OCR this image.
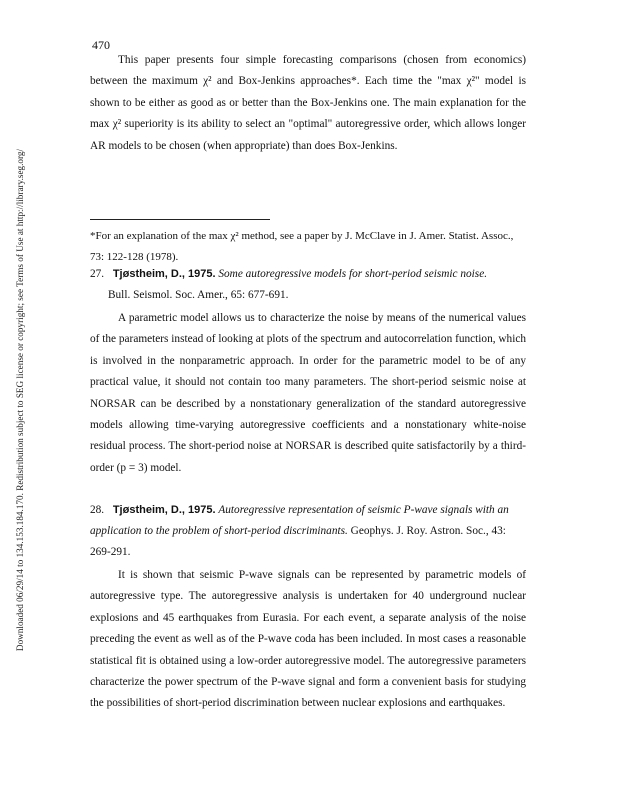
Downloaded 06/29/14 to 134.153.184.170. Redistribution subject to SEG license or copyright; see Terms of Use at http://library.seg.org/
470

This paper presents four simple forecasting comparisons (chosen from economics) between the maximum χ² and Box-Jenkins approaches*. Each time the "max χ²" model is shown to be either as good as or better than the Box-Jenkins one. The main explanation for the max χ² superiority is its ability to select an "optimal" autoregressive order, which allows longer AR models to be chosen (when appropriate) than does Box-Jenkins.

*For an explanation of the max χ² method, see a paper by J. McClave in J. Amer. Statist. Assoc., 73: 122-128 (1978).

27. Tjøstheim, D., 1975. Some autoregressive models for short-period seismic noise.
Bull. Seismol. Soc. Amer., 65: 677-691.

A parametric model allows us to characterize the noise by means of the numerical values of the parameters instead of looking at plots of the spectrum and autocorrelation function, which is involved in the nonparametric approach. In order for the parametric model to be of any practical value, it should not contain too many parameters. The short-period seismic noise at NORSAR can be described by a nonstationary generalization of the standard autoregressive models allowing time-varying autoregressive coefficients and a nonstationary white-noise residual process. The short-period noise at NORSAR is described quite satisfactorily by a third-order (p = 3) model.

28. Tjøstheim, D., 1975. Autoregressive representation of seismic P-wave signals with an application to the problem of short-period discriminants. Geophys. J. Roy. Astron. Soc., 43: 269-291.

It is shown that seismic P-wave signals can be represented by parametric models of autoregressive type. The autoregressive analysis is undertaken for 40 underground nuclear explosions and 45 earthquakes from Eurasia. For each event, a separate analysis of the noise preceding the event as well as of the P-wave coda has been included. In most cases a reasonable statistical fit is obtained using a low-order autoregressive model. The autoregressive parameters characterize the power spectrum of the P-wave signal and form a convenient basis for studying the possibilities of short-period discrimination between nuclear explosions and earthquakes.
